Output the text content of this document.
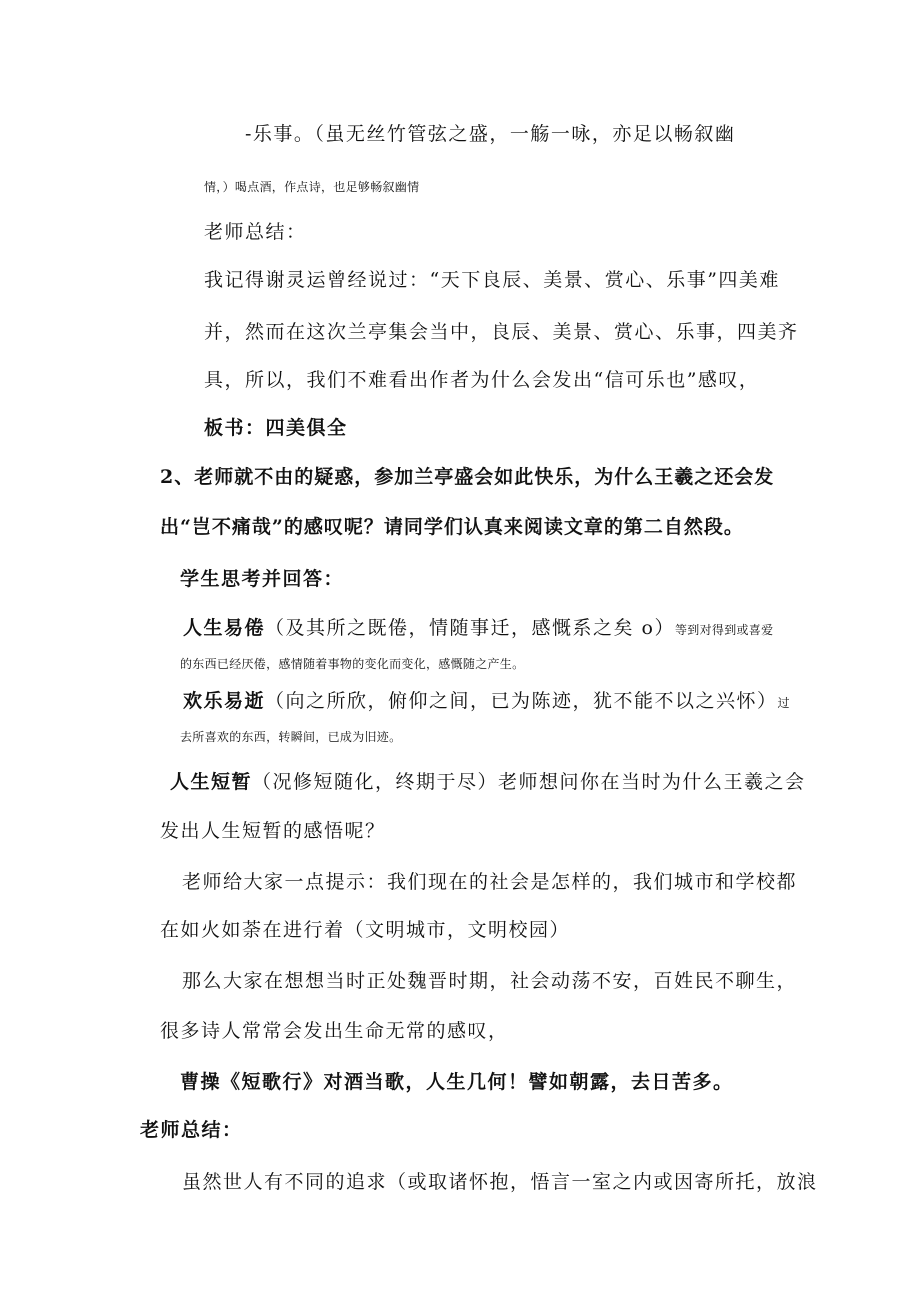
-乐事。（虽无丝竹管弦之盛，一觞一咏，亦足以畅叙幽

情，）喝点酒，作点诗，也足够畅叙幽情

老师总结：

我记得谢灵运曾经说过：“天下良辰、美景、赏心、乐事”四美难

并，然而在这次兰亭集会当中，良辰、美景、赏心、乐事，四美齐

具，所以，我们不难看出作者为什么会发出“信可乐也”感叹，

板书：四美俱全

2、老师就不由的疑惑，参加兰亭盛会如此快乐，为什么王羲之还会发

出“岂不痛哉”的感叹呢？请同学们认真来阅读文章的第二自然段。

学生思考并回答：

人生易倦（及其所之既倦，情随事迁，感慨系之矣 o）等到对得到或喜爱

的东西已经厌倦，感情随着事物的变化而变化，感慨随之产生。

欢乐易逝（向之所欣，俯仰之间，已为陈迹，犹不能不以之兴怀）过

去所喜欢的东西，转瞬间，已成为旧迹。

人生短暂（况修短随化，终期于尽）老师想问你在当时为什么王羲之会

发出人生短暂的感悟呢？

老师给大家一点提示：我们现在的社会是怎样的，我们城市和学校都

在如火如荼在进行着（文明城市，文明校园）

那么大家在想想当时正处魏晋时期，社会动荡不安，百姓民不聊生，

很多诗人常常会发出生命无常的感叹，

曹操《短歌行》对酒当歌，人生几何！譬如朝露，去日苦多。

老师总结：

虽然世人有不同的追求（或取诸怀抱，悟言一室之内或因寄所托，放浪
